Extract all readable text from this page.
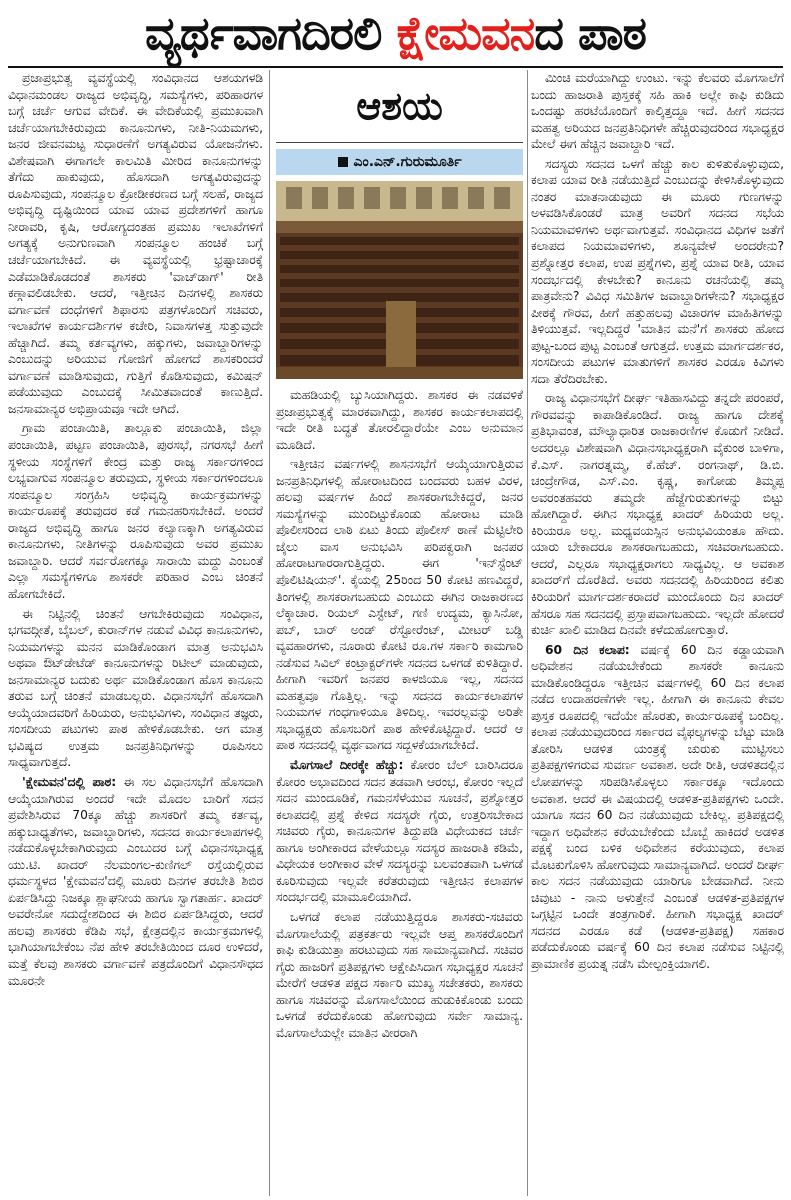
ವ್ಯರ್ಥವಾಗದಿರಲಿ ಕ್ಷೇಮವನದ ಪಾಠ

ಪ್ರಜಾಪ್ರಭುತ್ವ ವ್ಯವಸ್ಥೆಯಲ್ಲಿ ಸಂವಿಧಾನದ ಆಶಯಗಳಡಿ ವಿಧಾನಮಂಡಲ ರಾಜ್ಯದ ಅಭಿವೃದ್ಧಿ, ಸಮಸ್ಯೆಗಳು, ಪರಿಹಾರಗಳ ಬಗ್ಗೆ ಚರ್ಚೆ ಆಗುವ ವೇದಿಕೆ. ಈ ವೇದಿಕೆಯಲ್ಲಿ ಪ್ರಮುಖವಾಗಿ ಚರ್ಚೆಯಾಗಬೇಕಿರುವುದು ಕಾನೂನುಗಳು, ನೀತಿ-ನಿಯಮಗಳು, ಜನರ ಜೀವನಮಟ್ಟ ಸುಧಾರಣೆಗೆ ಅಗತ್ಯವಿರುವ ಯೋಜನೆಗಳು. ವಿಶೇಷವಾಗಿ ಈಗಾಗಲೇ ಕಾಲಮಿತಿ ಮೀರಿದ ಕಾನೂನುಗಳನ್ನು ತೆಗೆದು ಹಾಕುವುದು, ಹೊಸದಾಗಿ ಅಗತ್ಯವಿರುವುದನ್ನು ರೂಪಿಸುವುದು, ಸಂಪನ್ಮೂಲ ಕ್ರೋಡೀಕರಣದ ಬಗ್ಗೆ ಸಲಹೆ, ರಾಜ್ಯದ ಅಭಿವೃದ್ಧಿ ದೃಷ್ಟಿಯಿಂದ ಯಾವ ಯಾವ ಪ್ರದೇಶಗಳಿಗೆ ಹಾಗೂ ನೀರಾವರಿ, ಕೃಷಿ, ಆರೋಗ್ಯದಂತಹ ಪ್ರಮುಖ ಇಲಾಖೆಗಳಿಗೆ ಅಗತ್ಯಕ್ಕೆ ಅನುಗುಣವಾಗಿ ಸಂಪನ್ಮೂಲ ಹಂಚಿಕೆ ಬಗ್ಗೆ ಚರ್ಚೆಯಾಗಬೇಕಿದೆ. ಈ ವ್ಯವಸ್ಥೆಯಲ್ಲಿ ಭ್ರಷ್ಟಾಚಾರಕ್ಕೆ ಎಡೆಮಾಡಿಕೊಡದಂತೆ ಶಾಸಕರು 'ವಾಚ್‌ಡಾಗ್' ರೀತಿ ಕಣ್ಗಾವಲಿಡಬೇಕು. ಆದರೆ, ಇತ್ತೀಚಿನ ದಿನಗಳಲ್ಲಿ ಶಾಸಕರು ವರ್ಗಾವಣೆ ದಂಧೆಗಳಿಗೆ ಶಿಫಾರಸು ಪತ್ರಗಳೊಂದಿಗೆ ಸಚಿವರು, ಇಲಾಖೆಗಳ ಕಾರ್ಯದರ್ಶಿಗಳ ಕಚೇರಿ, ನಿವಾಸಗಳತ್ತ ಸುತ್ತುವುದೇ ಹೆಚ್ಚಾಗಿದೆ. ತಮ್ಮ ಕರ್ತವ್ಯಗಳು, ಹಕ್ಕುಗಳು, ಜವಾಬ್ದಾರಿಗಳನ್ನು ಎಂಬುದನ್ನು ಅರಿಯುವ ಗೋಜಿಗೆ ಹೋಗದೆ ಶಾಸಕರಿಂದರೆ ವರ್ಗಾವಣೆ ಮಾಡಿಸುವುದು, ಗುತ್ತಿಗೆ ಕೊಡಿಸುವುದು, ಕಮಿಷನ್ ಪಡೆಯುವುದು ಎಂಬುದಕ್ಕೆ ಸೀಮಿತವಾದಂತೆ ಕಾಣುತ್ತಿದೆ. ಜನಸಾಮಾನ್ಯರ ಅಭಿಪ್ರಾಯವೂ ಇದೇ ಆಗಿದೆ.

ಗ್ರಾಮ ಪಂಚಾಯಿತಿ, ತಾಲ್ಲೂಕು ಪಂಚಾಯಿತಿ, ಜಿಲ್ಲಾ ಪಂಚಾಯಿತಿ, ಪಟ್ಟಣ ಪಂಚಾಯಿತಿ, ಪುರಸಭೆ, ನಗರಸಭೆ ಹೀಗೆ ಸ್ಥಳೀಯ ಸಂಸ್ಥೆಗಳಿಗೆ ಕೇಂದ್ರ ಮತ್ತು ರಾಜ್ಯ ಸರ್ಕಾರಗಳಿಂದ ಲಭ್ಯವಾಗುವ ಸಂಪನ್ಮೂಲ ತರುವುದು, ಸ್ಥಳೀಯ ಸರ್ಕಾರಗಳಿಂದಲೂ ಸಂಪನ್ಮೂಲ ಸಂಗ್ರಹಿಸಿ ಅಭಿವೃದ್ಧಿ ಕಾರ್ಯಕ್ರಮಗಳನ್ನು ಕಾರ್ಯರೂಪಕ್ಕೆ ತರುವುದರ ಕಡೆ ಗಮನಹರಿಸಬೇಕಿದೆ. ಅಂದರೆ ರಾಜ್ಯದ ಅಭಿವೃದ್ಧಿ ಹಾಗೂ ಜನರ ಕಲ್ಯಾಣಕ್ಕಾಗಿ ಅಗತ್ಯವಿರುವ ಕಾನೂನುಗಳು, ನೀತಿಗಳನ್ನು ರೂಪಿಸುವುದು ಅವರ ಪ್ರಮುಖ ಜವಾಬ್ದಾರಿ. ಆದರೆ ಸರ್ವರೋಗಕ್ಕೂ ಸಾರಾಯಿ ಮದ್ದು ಎಂಬಂತೆ ಎಲ್ಲಾ ಸಮಸ್ಯೆಗಳಿಗೂ ಶಾಸಕರೇ ಪರಿಹಾರ ಎಂಬ ಚಿಂತನೆ ಹೋಗಬೇಕಿದೆ.

ಈ ನಿಟ್ಟಿನಲ್ಲಿ ಚಿಂತನೆ ಆಗಬೇಕಿರುವುದು ಸಂವಿಧಾನ, ಭಗವದ್ಗೀತೆ, ಬೈಬಲ್, ಕುರಾನ್‌ಗಳ ನಡುವೆ ವಿವಿಧ ಕಾನೂನುಗಳು, ನಿಯಮಗಳನ್ನು ಮನನ ಮಾಡಿಕೊಂಡಾಗ ಮಾತ್ರ ಅನುಭವಿಸಿ ಅಥವಾ ಔಟ್‌ಡೇಟೆಡ್ ಕಾನೂನುಗಳನ್ನು ರಿಟೀಲ್ ಮಾಡುವುದು, ಜನಸಾಮಾನ್ಯರ ಬದುಕು ಅರ್ಥ ಮಾಡಿಕೊಂಡಾಗ ಹೊಸ ಕಾನೂನು ತರುವ ಬಗ್ಗೆ ಚಿಂತನೆ ಮಾಡಬಲ್ಲರು. ವಿಧಾನಸಭೆಗೆ ಹೊಸದಾಗಿ ಆಯ್ಕೆಯಾದವರಿಗೆ ಹಿರಿಯರು, ಅನುಭವಿಗಳು, ಸಂವಿಧಾನ ತಜ್ಞರು, ಸಂಸದೀಯ ಪಟುಗಳು ಪಾಠ ಹೇಳಿಕೊಡಬೇಕು. ಆಗ ಮಾತ್ರ ಭವಿಷ್ಯದ ಉತ್ತಮ ಜನಪ್ರತಿನಿಧಿಗಳನ್ನು ರೂಪಿಸಲು ಸಾಧ್ಯವಾಗುತ್ತದೆ.

'ಕ್ಷೇಮವನ'ದಲ್ಲಿ ಪಾಠ: ಈ ಸಲ ವಿಧಾನಸಭೆಗೆ ಹೊಸದಾಗಿ ಆಯ್ಕೆಯಾಗಿರುವ ಅಂದರೆ ಇದೇ ಮೊದಲ ಬಾರಿಗೆ ಸದನ ಪ್ರವೇಶಿಸಿರುವ 70ಕ್ಕೂ ಹೆಚ್ಚು ಶಾಸಕರಿಗೆ ತಮ್ಮ ಕರ್ತವ್ಯ, ಹಕ್ಕುಬಾಧ್ಯತೆಗಳು, ಜವಾಬ್ದಾರಿಗಳು, ಸದನದ ಕಾರ್ಯಕಲಾಪಗಳಲ್ಲಿ ನಡೆದುಕೊಳ್ಳಬೇಕಾಗಿರುವುದು ಎಂಬುದರ ಬಗ್ಗೆ ವಿಧಾನಸಭಾಧ್ಯಕ್ಷ ಯು.ಟಿ. ಖಾದರ್ ನೆಲಮಂಗಲ-ಕುಣಿಗಲ್ ರಸ್ತೆಯಲ್ಲಿರುವ ಧರ್ಮಸ್ಥಳದ 'ಕ್ಷೇಮವನ'ದಲ್ಲಿ ಮೂರು ದಿನಗಳ ತರಬೇತಿ ಶಿಬಿರ ಏರ್ಪಡಿಸಿದ್ದು ನಿಜಕ್ಕೂ ಶ್ಲಾಘನೀಯ ಹಾಗೂ ಸ್ವಾಗತಾರ್ಹ. ಖಾದರ್ ಅವರೇನೋ ಸದುದ್ದೇಶದಿಂದ ಈ ಶಿಬಿರ ಏರ್ಪಡಿಸಿದ್ದರು, ಆದರೆ ಹಲವು ಶಾಸಕರು ಕೆಡಿಪಿ ಸಭೆ, ಕ್ಷೇತ್ರದಲ್ಲಿನ ಕಾರ್ಯಕ್ರಮಗಳಲ್ಲಿ ಭಾಗಿಯಾಗಬೇಕೆಂಬ ನೆಪ ಹೇಳಿ ತರಬೇತಿಯಿಂದ ದೂರ ಉಳಿದರೆ, ಮತ್ತೆ ಕೆಲವು ಶಾಸಕರು ವರ್ಗಾವಣೆ ಪತ್ರದೊಂದಿಗೆ ವಿಧಾನಸೌಧದ ಮೂರನೇ

ಆಶಯ
ಎಂ.ಎನ್.ಗುರುಮೂರ್ತಿ

ಮಹಡಿಯಲ್ಲಿ ಬ್ಯುಸಿಯಾಗಿದ್ದರು. ಶಾಸಕರ ಈ ನಡವಳಿಕೆ ಪ್ರಜಾಪ್ರಭುತ್ವಕ್ಕೆ ಮಾರಕವಾಗಿದ್ದು, ಶಾಸಕರ ಕಾರ್ಯಕಲಾಪದಲ್ಲಿ ಇದೇ ರೀತಿ ಬದ್ಧತೆ ತೋರಲಿದ್ದಾರೆಯೇ ಎಂಬ ಅನುಮಾನ ಮೂಡಿದೆ.

ಇತ್ತೀಚಿನ ವರ್ಷಗಳಲ್ಲಿ ಶಾಸನಸಭೆಗೆ ಆಯ್ಕೆಯಾಗುತ್ತಿರುವ ಜನಪ್ರತಿನಿಧಿಗಳಲ್ಲಿ ಹೋರಾಟದಿಂದ ಬಂದವರು ಬಹಳ ವಿರಳ, ಹಲವು ವರ್ಷಗಳ ಹಿಂದೆ ಶಾಸಕರಾಗಬೇಕಿದ್ದರೆ, ಜನರ ಸಮಸ್ಯೆಗಳನ್ನು ಮುಂದಿಟ್ಟುಕೊಂಡು ಹೋರಾಟ ಮಾಡಿ ಪೊಲೀಸರಿಂದ ಲಾಠಿ ಏಟು ತಿಂದು ಪೊಲೀಸ್ ಠಾಣೆ ಮೆಟ್ಟಿಲೇರಿ ಜೈಲು ವಾಸ ಅನುಭವಿಸಿ ಪರಿಪಕ್ವರಾಗಿ ಜನಪರ ಹೋರಾಟಗಾರರಾಗುತ್ತಿದ್ದರು. ಈಗ 'ಇನ್‌ಸ್ಟೆಂಟ್ ಪೊಲಿಟಿಷಿಯನ್'. ಕೈಯಲ್ಲಿ 25ರಿಂದ 50 ಕೋಟಿ ಹಣವಿದ್ದರೆ, ತಿಂಗಳಲ್ಲಿ ಶಾಸಕರಾಗಬಹುದು ಎಂಬುದು ಈಗಿನ ರಾಜಕಾರಣದ ಲೆಕ್ಕಾಚಾರ. ರಿಯಲ್ ಎಸ್ಟೇಟ್, ಗಣಿ ಉದ್ಯಮ, ಕ್ಯಾಸಿನೋ, ಪಬ್, ಬಾರ್ ಅಂಡ್ ರೆಸ್ಟೋರೆಂಟ್, ಮೀಟರ್ ಬಡ್ಡಿ ವ್ಯವಹಾರಗಳು, ನೂರಾರು ಕೋಟಿ ರೂ.ಗಳ ಸರ್ಕಾರಿ ಕಾಮಗಾರಿ ನಡೆಸುವ ಸಿವಿಲ್ ಕಂಟ್ರಾಕ್ಟರ್‌ಗಳೇ ಸದನದ ಒಳಗಡೆ ಕುಳಿತಿದ್ದಾರೆ. ಹೀಗಾಗಿ ಇವರಿಗೆ ಜನಪರ ಕಾಳಜಿಯೂ ಇಲ್ಲ, ಸದನದ ಮಹತ್ವವೂ ಗೊತ್ತಿಲ್ಲ. ಇನ್ನು ಸದನದ ಕಾರ್ಯಕಲಾಪಗಳ ನಿಯಮಗಳ ಗಂಧಗಾಳಿಯೂ ತಿಳಿದಿಲ್ಲ. ಇವರಲ್ಲವನ್ನು ಅರಿತೇ ಸಭಾಧ್ಯಕ್ಷರು ಹೊಸಬರಿಗೆ ಪಾಠ ಹೇಳಿಕೊಟ್ಟಿದ್ದಾರೆ. ಆದರೆ ಆ ಪಾಠ ಸದನದಲ್ಲಿ ವ್ಯರ್ಥವಾಗದ ಸದ್ಬಳಕೆಯಾಗಬೇಕಿದೆ.

ಮೊಗಸಾಲೆ ದೀರಕ್ಕೇ ಹೆಚ್ಚು: ಕೋರಂ ಬೆಲ್ ಬಾರಿಸಿದರೂ ಕೋರಂ ಅಭಾವದಿಂದ ಸದನ ತಡವಾಗಿ ಆರಂಭ, ಕೋರಂ ಇಲ್ಲದೆ ಸದನ ಮುಂದೂಡಿಕೆ, ಗಮನಸೆಳೆಯುವ ಸೂಚನೆ, ಪ್ರಶ್ನೋತ್ತರ ಕಲಾಪದಲ್ಲಿ ಪ್ರಶ್ನೆ ಕೇಳಿದ ಸದಸ್ಯರೇ ಗೈರು, ಉತ್ತರಿಸಬೇಕಾದ ಸಚಿವರು ಗೈರು, ಕಾನೂನುಗಳ ತಿದ್ದುಪಡಿ ವಿಧೇಯಕದ ಚರ್ಚೆ ಹಾಗೂ ಅಂಗೀಕಾರದ ವೇಳೆಯಲ್ಲೂ ಸದಸ್ಯರ ಹಾಜರಾತಿ ಕಡಿಮೆ, ವಿಧೇಯಕ ಅಂಗೀಕಾರ ವೇಳೆ ಸದಸ್ಯರನ್ನು ಬಲವಂತವಾಗಿ ಒಳಗಡೆ ಕೂರಿಸುವುದು ಇಲ್ಲವೇ ಕರೆತರುವುದು ಇತ್ತೀಚಿನ ಕಲಾಪಗಳ ಸಂದರ್ಭದಲ್ಲಿ ಮಾಮೂಲಿಯಾಗಿದೆ.

ಒಳಗಡೆ ಕಲಾಪ ನಡೆಯುತ್ತಿದ್ದರೂ ಶಾಸಕರು-ಸಚಿವರು ಮೊಗಸಾಲೆಯಲ್ಲಿ ಪತ್ರಕರ್ತರು ಇಲ್ಲವೇ ಆಪ್ತ ಶಾಸಕರೊಂದಿಗೆ ಕಾಫಿ ಕುಡಿಯುತ್ತಾ ಹರಟುವುದು ಸಹ ಸಾಮಾನ್ಯವಾಗಿದೆ. ಸಚಿವರ ಗೈರು ಹಾಜರಿಗೆ ಪ್ರತಿಪಕ್ಷಗಳು ಆಕ್ಷೇಪಿಸಿದಾಗ ಸಭಾಧ್ಯಕ್ಷರ ಸೂಚನೆ ಮೇರೆಗೆ ಆಡಳಿತ ಪಕ್ಷದ ಸರ್ಕಾರಿ ಮುಖ್ಯ ಸಚೇತಕರು, ಶಾಸಕರು ಹಾಗೂ ಸಚಿವರನ್ನು ಮೊಗಸಾಲೆಯಿಂದ ಹುಡುಕಿಕೊಂಡು ಬಂದು ಒಳಗಡೆ ಕರೆದುಕೊಂಡು ಹೋಗುವುದು ಸರ್ವೇ ಸಾಮಾನ್ಯ. ಮೊಗಸಾಲೆಯಲ್ಲೇ ಮಾತಿನ ವೀರರಾಗಿ

ಮಿಂಚಿ ಮರೆಯಾಗಿದ್ದು ಉಂಟು. ಇನ್ನು ಕೆಲವರು ಮೊಗಸಾಲೆಗೆ ಬಂದು ಹಾಜರಾತಿ ಪುಸ್ತಕಕ್ಕೆ ಸಹಿ ಹಾಕಿ ಅಲ್ಲೇ ಕಾಫಿ ಕುಡಿದು ಒಂದಷ್ಟು ಹರಟೆಯೊಂದಿಗೆ ಕಾಲ್ಕಿತ್ತದ್ದೂ ಇದೆ. ಹೀಗೆ ಸದನದ ಮಹತ್ವ ಅರಿಯದ ಜನಪ್ರತಿನಿಧಿಗಳೇ ಹೆಚ್ಚಿರುವುದರಿಂದ ಸಭಾಧ್ಯಕ್ಷರ ಮೇಲೆ ಈಗ ಹೆಚ್ಚಿನ ಜವಾಬ್ದಾರಿ ಇದೆ.

ಸದಸ್ಯರು ಸದನದ ಒಳಗೆ ಹೆಚ್ಚು ಕಾಲ ಕುಳಿತುಕೊಳ್ಳುವುದು, ಕಲಾಪ ಯಾವ ರೀತಿ ನಡೆಯುತ್ತಿದೆ ಎಂಬುದನ್ನು ಕೇಳಿಸಿಕೊಳ್ಳುವುದು ನಂತರ ಮಾತನಾಡುವುದು ಈ ಮೂರು ಗುಣಗಳನ್ನು ಅಳವಡಿಸಿಕೊಂಡರೆ ಮಾತ್ರ ಅವರಿಗೆ ಸದನದ ಸಭೆಯ ನಿಯಮಾವಳಿಗಳು ಅರ್ಥವಾಗುತ್ತವೆ. ಸಂವಿಧಾನದ ವಿಧಿಗಳ ಜತೆಗೆ ಕಲಾಪದ ನಿಯಮಾವಳಿಗಳು, ಶೂನ್ಯವೇಳೆ ಅಂದರೇನು? ಪ್ರಶ್ನೋತ್ತರ ಕಲಾಪ, ಉಪ ಪ್ರಶ್ನೆಗಳು, ಪ್ರಶ್ನೆ ಯಾವ ರೀತಿ, ಯಾವ ಸಂದರ್ಭದಲ್ಲಿ ಕೇಳಬೇಕು? ಕಾನೂನು ರಚನೆಯಲ್ಲಿ ತಮ್ಮ ಪಾತ್ರವೇನು? ವಿವಿಧ ಸಮಿತಿಗಳ ಜವಾಬ್ದಾರಿಗಳೇನು? ಸಭಾಧ್ಯಕ್ಷರ ಪೀಠಕ್ಕೆ ಗೌರವ, ಹೀಗೆ ಹತ್ತುಹಲವು ವಿಚಾರಗಳ ಮಾಹಿತಿಗಳನ್ನು ತಿಳಿಯುತ್ತವೆ. ಇಲ್ಲದಿದ್ದರೆ 'ಮಾತಿನ ಮನೆ'ಗೆ ಶಾಸಕರು ಹೋದ ಪುಟ್ಟ-ಬಂದ ಪುಟ್ಟ ಎಂಬಂತೆ ಆಗುತ್ತದೆ. ಉತ್ತಮ ಮಾರ್ಗದರ್ಶಕರ, ಸಂಸದೀಯ ಪಟುಗಳ ಮಾತುಗಳಿಗೆ ಶಾಸಕರ ಎರಡೂ ಕಿವಿಗಳು ಸದಾ ತೆರೆದಿರಬೇಕು.

ರಾಜ್ಯ ವಿಧಾನಸಭೆಗೆ ದೀರ್ಘ ಇತಿಹಾಸವಿದ್ದು ತನ್ನದೇ ಪರಂಪರೆ, ಗೌರವವನ್ನು ಕಾಪಾಡಿಕೊಂಡಿದೆ. ರಾಜ್ಯ ಹಾಗೂ ದೇಶಕ್ಕೆ ಪ್ರತಿಭಾವಂತ, ಮೌಲ್ಯಾಧಾರಿತ ರಾಜಕಾರಣಿಗಳ ಕೊಡುಗೆ ನೀಡಿದೆ. ಅದರಲ್ಲೂ ವಿಶೇಷವಾಗಿ ವಿಧಾನಸಭಾಧ್ಯಕ್ಷರಾಗಿ ವೈಕುಂಠ ಬಾಳಿಗಾ, ಕೆ.ಎಸ್. ನಾಗರತ್ನಮ್ಮ, ಕೆ.ಹೆಚ್. ರಂಗನಾಥ್, ಡಿ.ಬಿ. ಚಂದ್ರೇಗೌಡ, ಎಸ್.ಎಂ. ಕೃಷ್ಣ, ಕಾಗೋಡು ತಿಮ್ಮಪ್ಪ ಅವರಂತಹವರು ತಮ್ಮದೇ ಹೆಜ್ಜೆಗುರುತುಗಳನ್ನು ಬಿಟ್ಟು ಹೋಗಿದ್ದಾರೆ. ಈಗಿನ ಸಭಾಧ್ಯಕ್ಷ ಖಾದರ್ ಹಿರಿಯರು ಅಲ್ಲ. ಕಿರಿಯರೂ ಅಲ್ಲ. ಮಧ್ಯವಯಸ್ಸಿನ ಅನುಭವಿಯಂತೂ ಹೌದು. ಯಾರು ಬೇಕಾದರೂ ಶಾಸಕರಾಗಬಹುದು, ಸಚಿವರಾಗಬಹುದು. ಆದರೆ, ಎಲ್ಲರೂ ಸಭಾಧ್ಯಕ್ಷರಾಗಲು ಸಾಧ್ಯವಿಲ್ಲ. ಆ ಅವಕಾಶ ಖಾದರ್‌ಗೆ ದೊರೆತಿದೆ. ಅವರು ಸದನದಲ್ಲಿ ಹಿರಿಯರಿಂದ ಕಲಿತು ಕಿರಿಯರಿಗೆ ಮಾರ್ಗದರ್ಶಕರಾದರೆ ಮುಂದೊಂದು ದಿನ ಖಾದರ್ ಹೆಸರೂ ಸಹ ಸದನದಲ್ಲಿ ಪ್ರಸ್ತಾಪವಾಗಬಹುದು. ಇಲ್ಲದೇ ಹೋದರೆ ಕುರ್ಚಿ ಖಾಲಿ ಮಾಡಿದ ದಿನವೇ ಕಳೆದುಹೋಗುತ್ತಾರೆ.

60 ದಿನ ಕಲಾಪ: ವರ್ಷಕ್ಕೆ 60 ದಿನ ಕಡ್ಡಾಯವಾಗಿ ಅಧಿವೇಶನ ನಡೆಯಬೇಕೆಂದು ಶಾಸಕರೇ ಕಾನೂನು ಮಾಡಿಕೊಂಡಿದ್ದರೂ ಇತ್ತೀಚಿನ ವರ್ಷಗಳಲ್ಲಿ 60 ದಿನ ಕಲಾಪ ನಡೆದ ಉದಾಹರಣೆಗಳೇ ಇಲ್ಲ. ಹೀಗಾಗಿ ಈ ಕಾನೂನು ಕೇವಲ ಪುಸ್ತಕ ರೂಪದಲ್ಲಿ ಇದೆಯೇ ಹೊರತು, ಕಾರ್ಯರೂಪಕ್ಕೆ ಬಂದಿಲ್ಲ. ಕಲಾಪ ನಡೆಯುವುದರಿಂದ ಸರ್ಕಾರದ ವೈಫಲ್ಯಗಳನ್ನು ಬೆಟ್ಟು ಮಾಡಿ ತೋರಿಸಿ ಆಡಳಿತ ಯಂತ್ರಕ್ಕೆ ಚುರುಕು ಮುಟ್ಟಿಸಲು ಪ್ರತಿಪಕ್ಷಗಳಿಗರುವ ಸುವರ್ಣ ಅವಕಾಶ. ಅದೇ ರೀತಿ, ಆಡಳಿತದಲ್ಲಿನ ಲೋಪಗಳನ್ನು ಸರಿಪಡಿಸಿಕೊಳ್ಳಲು ಸರ್ಕಾರಕ್ಕೂ ಇದೊಂದು ಅವಕಾಶ. ಆದರೆ ಈ ವಿಷಯದಲ್ಲಿ ಆಡಳಿತ-ಪ್ರತಿಪಕ್ಷಗಳು ಒಂದೇ. ಯಾಗೂ ಸದನ 60 ದಿನ ನಡೆಯುವುದು ಬೇಕಿಲ್ಲ. ಪ್ರತಿಪಕ್ಷದಲ್ಲಿ ಇದ್ದಾಗ ಅಧಿವೇಶನ ಕರೆಯಬೇಕೆಂದು ಬೊಬ್ಬೆ ಹಾಕಿದರೆ ಅಡಳಿತ ಪಕ್ಷಕ್ಕೆ ಬಂದ ಬಳಿಕ ಅಧಿವೇಶನ ಕರೆಯುವುದು, ಕಲಾಪ ಮೊಟಕುಗೊಳಿಸಿ ಹೋಗುವುದು ಸಾಮಾನ್ಯವಾಗಿದೆ. ಅಂದರೆ ದೀರ್ಘ ಕಾಲ ಸದನ ನಡೆಯುವುದು ಯಾರಿಗೂ ಬೇಡವಾಗಿದೆ. ನೀನು ಚಿವುಟು - ನಾನು ಅಳುತ್ತೇನೆ ಎಂಬಂತೆ ಆಡಳಿತ-ಪ್ರತಿಪಕ್ಷಗಳ ಒಗ್ಗಟ್ಟಿನ ಒಂದೇ ತಂತ್ರಗಾರಿಕೆ. ಹೀಗಾಗಿ ಸಭಾಧ್ಯಕ್ಷ ಖಾದರ್ ಸದನದ ಎರಡೂ ಕಡೆ (ಆಡಳಿತ-ಪ್ರತಿಪಕ್ಷ) ಸಹಕಾರ ಪಡೆದುಕೊಂಡು ವರ್ಷಕ್ಕೆ 60 ದಿನ ಕಲಾಪ ನಡೆಸುವ ನಿಟ್ಟಿನಲ್ಲಿ ಪ್ರಾಮಾಣಿಕ ಪ್ರಯತ್ನ ನಡೆಸಿ ಮೇಲ್ಪಂಕ್ತಿಯಾಗಲಿ.
